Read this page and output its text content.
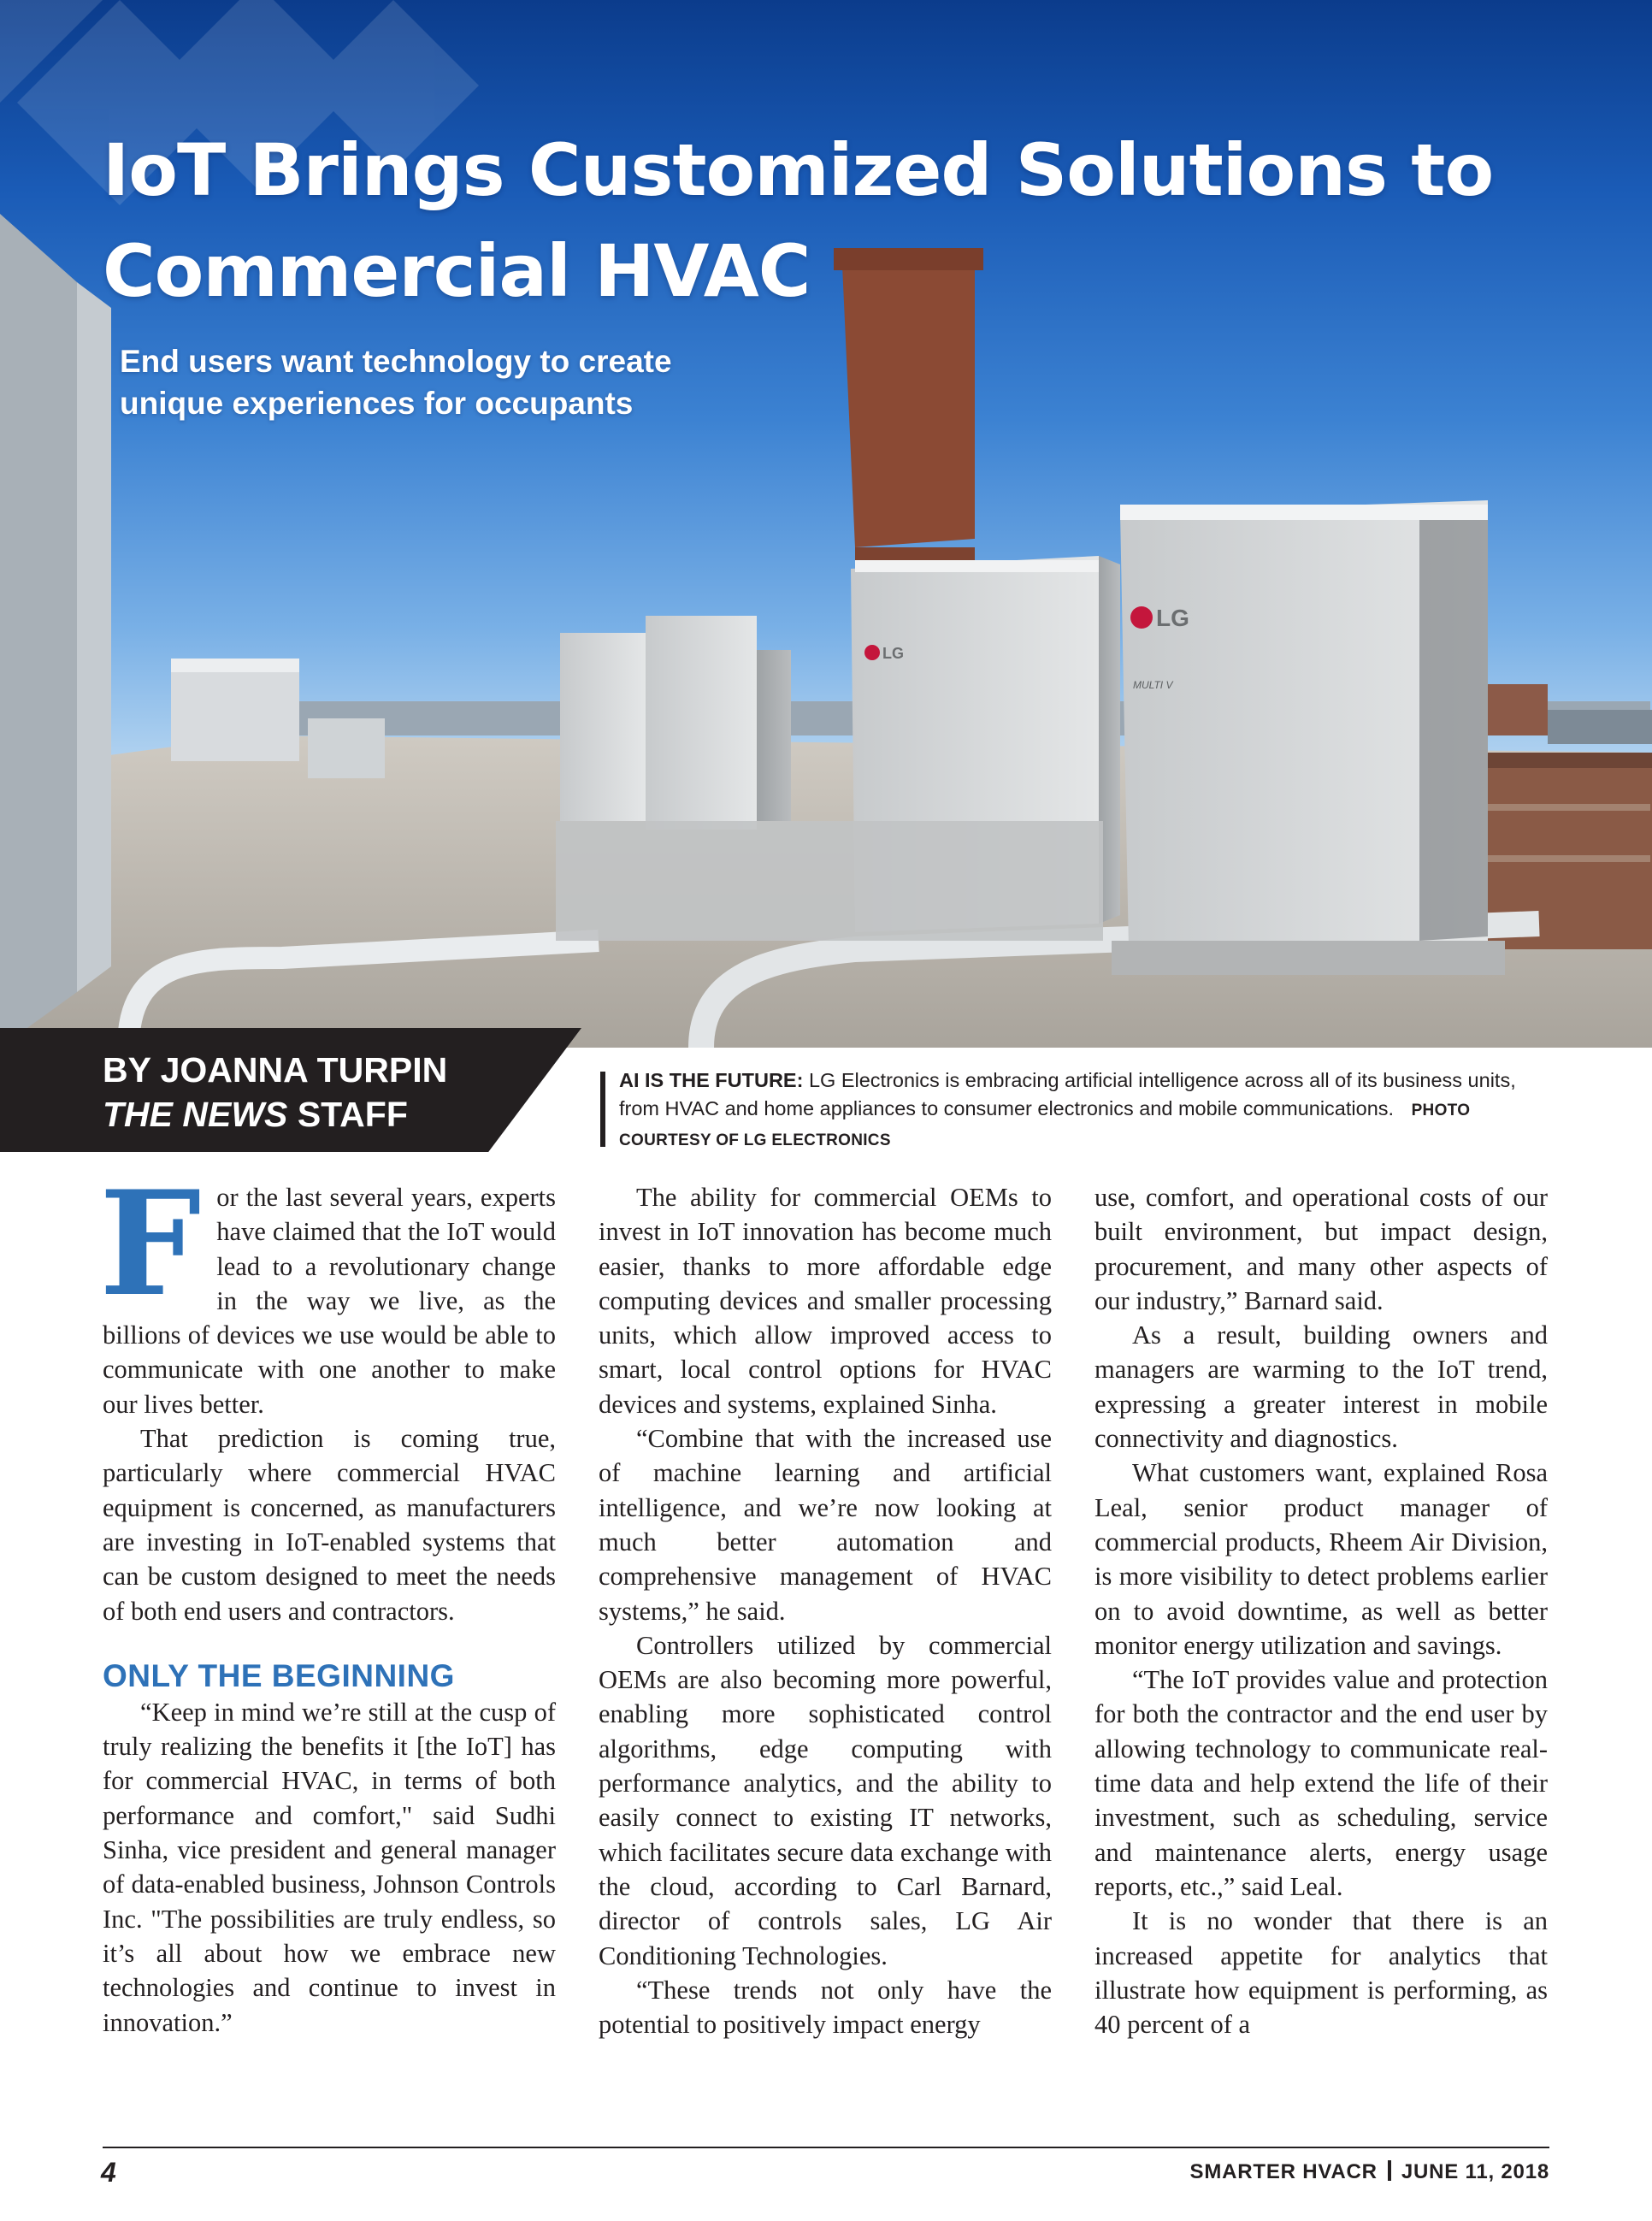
LG
LG
MULTI V
IoT Brings Customized Solutions to Commercial HVAC

End users want technology to create unique experiences for occupants

BY JOANNA TURPIN
THE NEWS STAFF

AI IS THE FUTURE: LG Electronics is embracing artificial intelligence across all of its business units, from HVAC and home appliances to consumer electronics and mobile communications. PHOTO COURTESY OF LG ELECTRONICS

For the last several years, experts have claimed that the IoT would lead to a revolutionary change in the way we live, as the billions of devices we use would be able to communicate with one another to make our lives better.

That prediction is coming true, particularly where commercial HVAC equipment is concerned, as manufacturers are investing in IoT-enabled systems that can be custom designed to meet the needs of both end users and contractors.

ONLY THE BEGINNING

“Keep in mind we’re still at the cusp of truly realizing the benefits it [the IoT] has for commercial HVAC, in terms of both performance and comfort," said Sudhi Sinha, vice president and general manager of data-enabled business, Johnson Controls Inc. "The possibilities are truly endless, so it’s all about how we embrace new technologies and continue to invest in innovation.”

The ability for commercial OEMs to invest in IoT innovation has become much easier, thanks to more affordable edge computing devices and smaller processing units, which allow improved access to smart, local control options for HVAC devices and systems, explained Sinha.

“Combine that with the increased use of machine learning and artificial intelligence, and we’re now looking at much better automation and comprehensive management of HVAC systems,” he said.

Controllers utilized by commercial OEMs are also becoming more powerful, enabling more sophisticated control algorithms, edge computing with performance analytics, and the ability to easily connect to existing IT networks, which facilitates secure data exchange with the cloud, according to Carl Barnard, director of controls sales, LG Air Conditioning Technologies.

“These trends not only have the potential to positively impact energy

use, comfort, and operational costs of our built environment, but impact design, procurement, and many other aspects of our industry,” Barnard said.

As a result, building owners and managers are warming to the IoT trend, expressing a greater interest in mobile connectivity and diagnostics.

What customers want, explained Rosa Leal, senior product manager of commercial products, Rheem Air Division, is more visibility to detect problems earlier on to avoid downtime, as well as better monitor energy utilization and savings.

“The IoT provides value and protection for both the contractor and the end user by allowing technology to communicate real-time data and help extend the life of their investment, such as scheduling, service and maintenance alerts, energy usage reports, etc.,” said Leal.

It is no wonder that there is an increased appetite for analytics that illustrate how equipment is performing, as 40 percent of a

4	SMARTER HVACR JUNE 11, 2018
